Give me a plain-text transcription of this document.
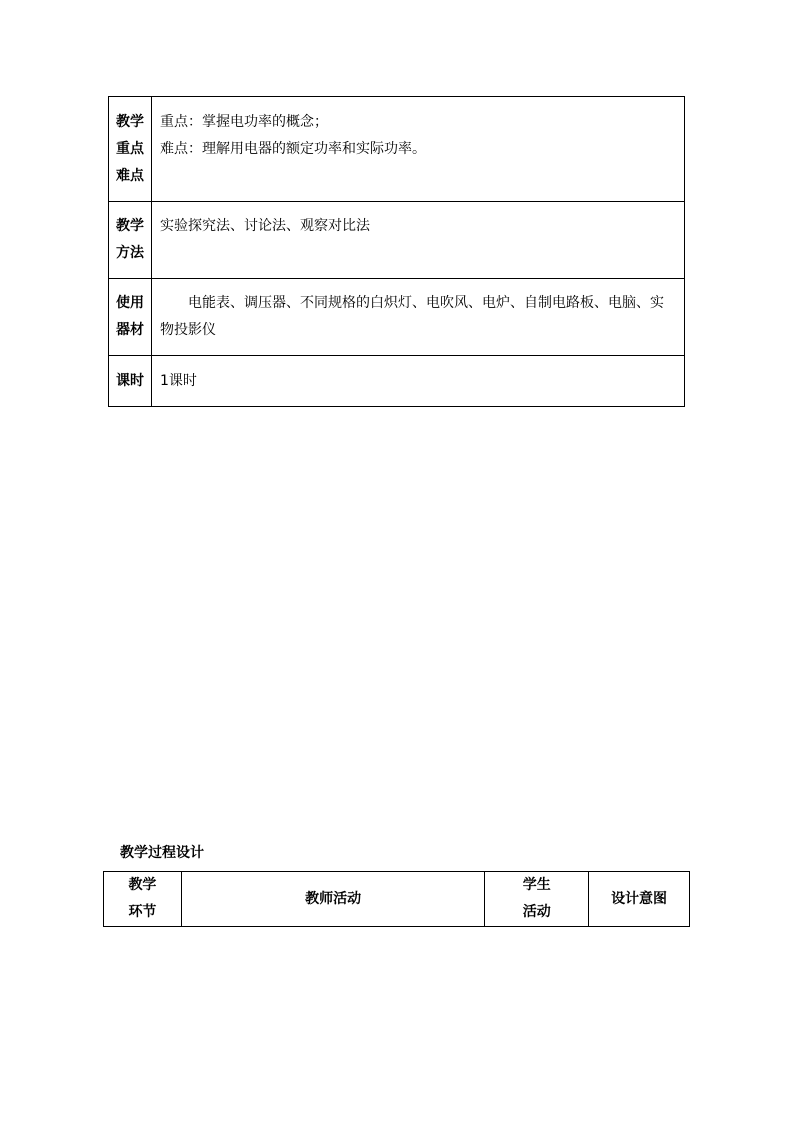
教学
重点
难点	重点：掌握电功率的概念；
难点：理解用电器的额定功率和实际功率。

教学
方法	实验探究法、讨论法、观察对比法

使用
器材	电能表、调压器、不同规格的白炽灯、电吹风、电炉、自制电路板、电脑、实物投影仪

课时	1课时

教学过程设计

教学
环节
	教师活动	
学生
活动
	设计意图
